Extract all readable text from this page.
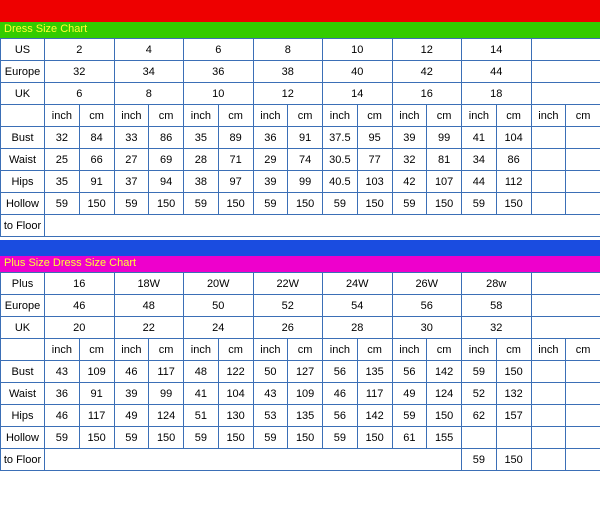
Dress Size Chart
US	2		4		6		8		10		12		14			
Europe	32		34		36		38		40		42		44			
UK	6		8		10		12		14		16		18			
	inch	cm	inch	cm	inch	cm	inch	cm	inch	cm	inch	cm	inch	cm	inch	cm
Bust	32	84	33	86	35	89	36	91	37.5	95	39	99	41	104		
Waist	25	66	27	69	28	71	29	74	30.5	77	32	81	34	86		
Hips	35	91	37	94	38	97	39	99	40.5	103	42	107	44	112		
Hollow	59	150	59	150	59	150	59	150	59	150	59	150	59	150		
to Floor																
Plus Size Dress Size Chart
Plus	16		18W		20W		22W		24W		26W		28w			
Europe	46		48		50		52		54		56		58			
UK	20		22		24		26		28		30		32			
	inch	cm	inch	cm	inch	cm	inch	cm	inch	cm	inch	cm	inch	cm	inch	cm
Bust	43	109	46	117	48	122	50	127	56	135	56	142	59	150		
Waist	36	91	39	99	41	104	43	109	46	117	49	124	52	132		
Hips	46	117	49	124	51	130	53	135	56	142	59	150	62	157		
Hollow	59	150	59	150	59	150	59	150	59	150	61	155				
to Floor													59	150		
